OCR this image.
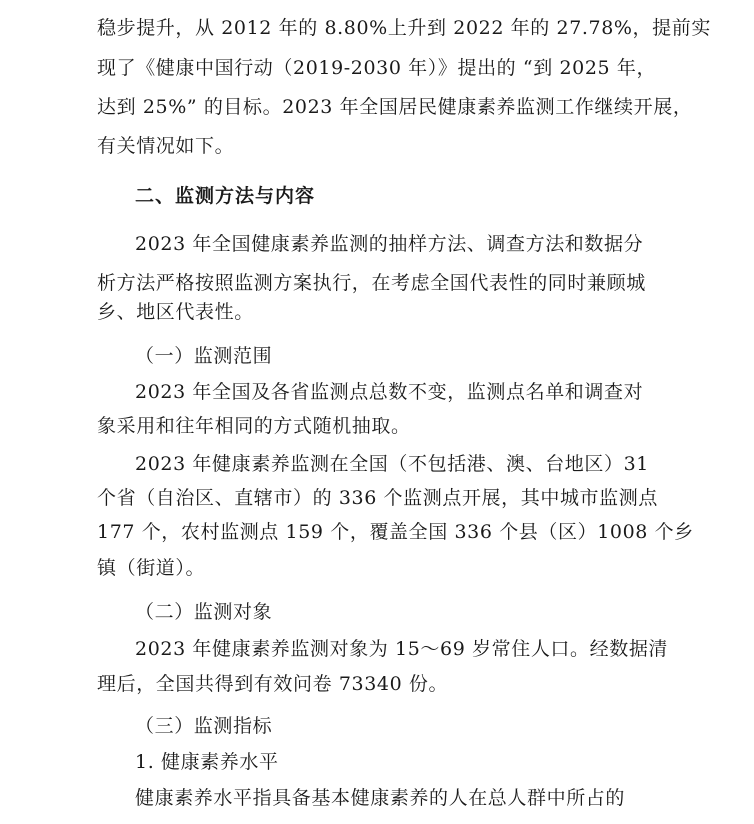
稳步提升，从 2012 年的 8.80%上升到 2022 年的 27.78%，提前实
现了《健康中国行动（2019-2030 年）》提出的 “到 2025 年，
达到 25%” 的目标。2023 年全国居民健康素养监测工作继续开展，
有关情况如下。
二、监测方法与内容
2023 年全国健康素养监测的抽样方法、调查方法和数据分
析方法严格按照监测方案执行，在考虑全国代表性的同时兼顾城
乡、地区代表性。
（一）监测范围
2023 年全国及各省监测点总数不变，监测点名单和调查对
象采用和往年相同的方式随机抽取。
2023 年健康素养监测在全国（不包括港、澳、台地区）31
个省（自治区、直辖市）的 336 个监测点开展，其中城市监测点
177 个，农村监测点 159 个，覆盖全国 336 个县（区）1008 个乡
镇（街道）。
（二）监测对象
2023 年健康素养监测对象为 15～69 岁常住人口。经数据清
理后，全国共得到有效问卷 73340 份。
（三）监测指标
1. 健康素养水平
健康素养水平指具备基本健康素养的人在总人群中所占的
